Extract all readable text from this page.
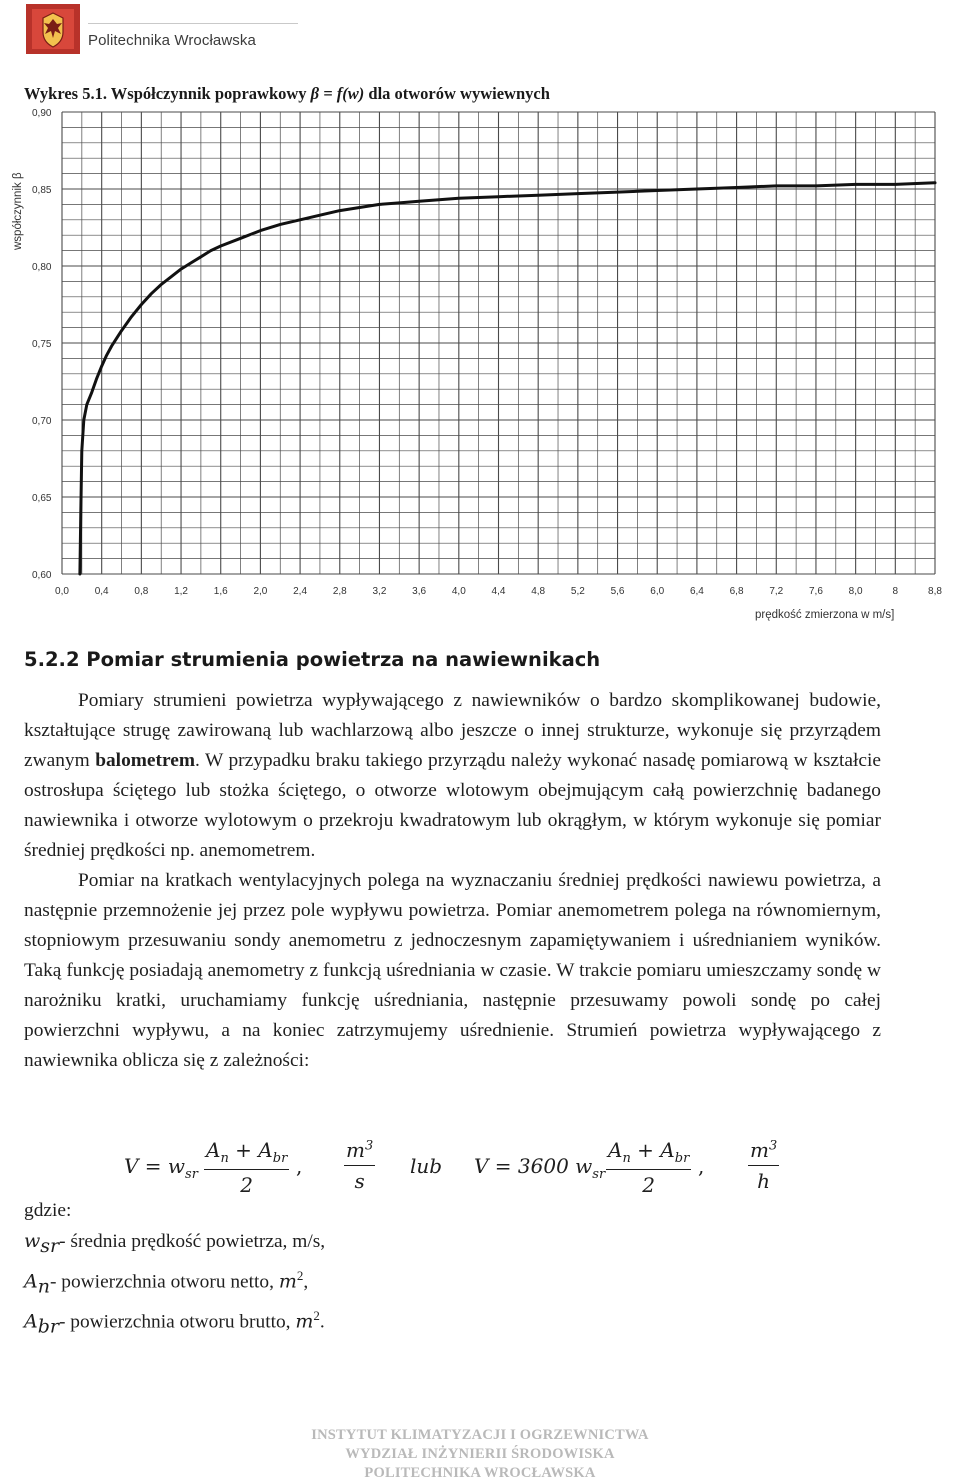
Politechnika Wrocławska
Wykres 5.1. Współczynnik poprawkowy β = f(w) dla otworów wywiewnych
0,60
0,65
0,70
0,75
0,80
0,85
0,90
0,0	0,4	0,8	1,2	1,6	2,0	2,4	2,8	3,2	3,6	4,0	4,4	4,8	5,2	5,6	6,0	6,4	6,8	7,2	7,6	8,0	8	8,8
współczynnik β
prędkość zmierzona w m/s]
5.2.2 Pomiar strumienia powietrza na nawiewnikach

Pomiary strumieni powietrza wypływającego z nawiewników o bardzo skomplikowanej budowie, kształtujące strugę zawirowaną lub wachlarzową albo jeszcze o innej strukturze, wykonuje się przyrządem zwanym balometrem. W przypadku braku takiego przyrządu należy wykonać nasadę pomiarową w kształcie ostrosłupa ściętego lub stożka ściętego, o otworze wlotowym obejmującym całą powierzchnię badanego nawiewnika i otworze wylotowym o przekroju kwadratowym lub okrągłym, w którym wykonuje się pomiar średniej prędkości np. anemometrem.

Pomiar na kratkach wentylacyjnych polega na wyznaczaniu średniej prędkości nawiewu powietrza, a następnie przemnożenie jej przez pole wypływu powietrza. Pomiar anemometrem polega na równomiernym, stopniowym przesuwaniu sondy anemometru z jednoczesnym zapamiętywaniem i uśrednianiem wyników. Taką funkcję posiadają anemometry z funkcją uśredniania w czasie. W trakcie pomiaru umieszczamy sondę w narożniku kratki, uruchamiamy funkcję uśredniania, następnie przesuwamy powoli sondę po całej powierzchni wypływu, a na koniec zatrzymujemy uśrednienie. Strumień powietrza wypływającego z nawiewnika oblicza się z zależności:

$V = w_{sr}$
$A_n + A_{br}$
2
, $\frac{m^3}{s}$ lub V = 3600 $w_{sr}$
$A_n + A_{br}$
2
, $\frac{m^3}{h}$
gdzie:
$w_{sr}-$ średnia prędkość powietrza, m/s,
$A_n-$ powierzchnia otworu netto, $m^2$,
$A_{br}-$ powierzchnia otworu brutto, $m^2$.
INSTYTUT KLIMATYZACJI I OGRZEWNICTWA
WYDZIAŁ INŻYNIERII ŚRODOWISKA
POLITECHNIKA WROCŁAWSKA
